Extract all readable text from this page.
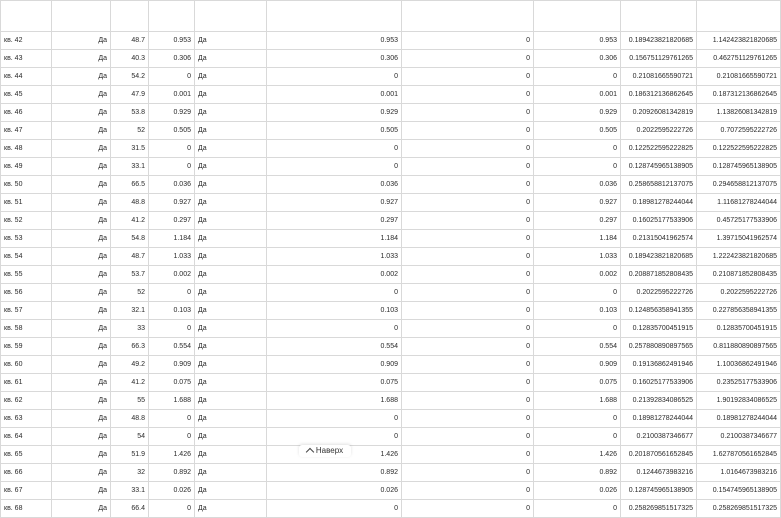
кв. 42	Да	48.7	0.953	Да	0.953	0	0.953	0.189423821820685	1.142423821820685
кв. 43	Да	40.3	0.306	Да	0.306	0	0.306	0.156751129761265	0.462751129761265
кв. 44	Да	54.2	0	Да	0	0	0	0.21081665590721	0.21081665590721
кв. 45	Да	47.9	0.001	Да	0.001	0	0.001	0.186312136862645	0.187312136862645
кв. 46	Да	53.8	0.929	Да	0.929	0	0.929	0.20926081342819	1.13826081342819
кв. 47	Да	52	0.505	Да	0.505	0	0.505	0.2022595222726	0.7072595222726
кв. 48	Да	31.5	0	Да	0	0	0	0.122522595222825	0.122522595222825
кв. 49	Да	33.1	0	Да	0	0	0	0.128745965138905	0.128745965138905
кв. 50	Да	66.5	0.036	Да	0.036	0	0.036	0.258658812137075	0.294658812137075
кв. 51	Да	48.8	0.927	Да	0.927	0	0.927	0.18981278244044	1.11681278244044
кв. 52	Да	41.2	0.297	Да	0.297	0	0.297	0.16025177533906	0.45725177533906
кв. 53	Да	54.8	1.184	Да	1.184	0	1.184	0.21315041962574	1.39715041962574
кв. 54	Да	48.7	1.033	Да	1.033	0	1.033	0.189423821820685	1.222423821820685
кв. 55	Да	53.7	0.002	Да	0.002	0	0.002	0.208871852808435	0.210871852808435
кв. 56	Да	52	0	Да	0	0	0	0.2022595222726	0.2022595222726
кв. 57	Да	32.1	0.103	Да	0.103	0	0.103	0.124856358941355	0.227856358941355
кв. 58	Да	33	0	Да	0	0	0	0.12835700451915	0.12835700451915
кв. 59	Да	66.3	0.554	Да	0.554	0	0.554	0.257880890897565	0.811880890897565
кв. 60	Да	49.2	0.909	Да	0.909	0	0.909	0.19136862491946	1.10036862491946
кв. 61	Да	41.2	0.075	Да	0.075	0	0.075	0.16025177533906	0.23525177533906
кв. 62	Да	55	1.688	Да	1.688	0	1.688	0.21392834086525	1.90192834086525
кв. 63	Да	48.8	0	Да	0	0	0	0.18981278244044	0.18981278244044
кв. 64	Да	54	0	Да	0	0	0	0.2100387346677	0.2100387346677
кв. 65	Да	51.9	1.426	Да	1.426	0	1.426	0.201870561652845	1.627870561652845
кв. 66	Да	32	0.892	Да	0.892	0	0.892	0.1244673983216	1.0164673983216
кв. 67	Да	33.1	0.026	Да	0.026	0	0.026	0.128745965138905	0.154745965138905
кв. 68	Да	66.4	0	Да	0	0	0	0.258269851517325	0.258269851517325
Наверх
